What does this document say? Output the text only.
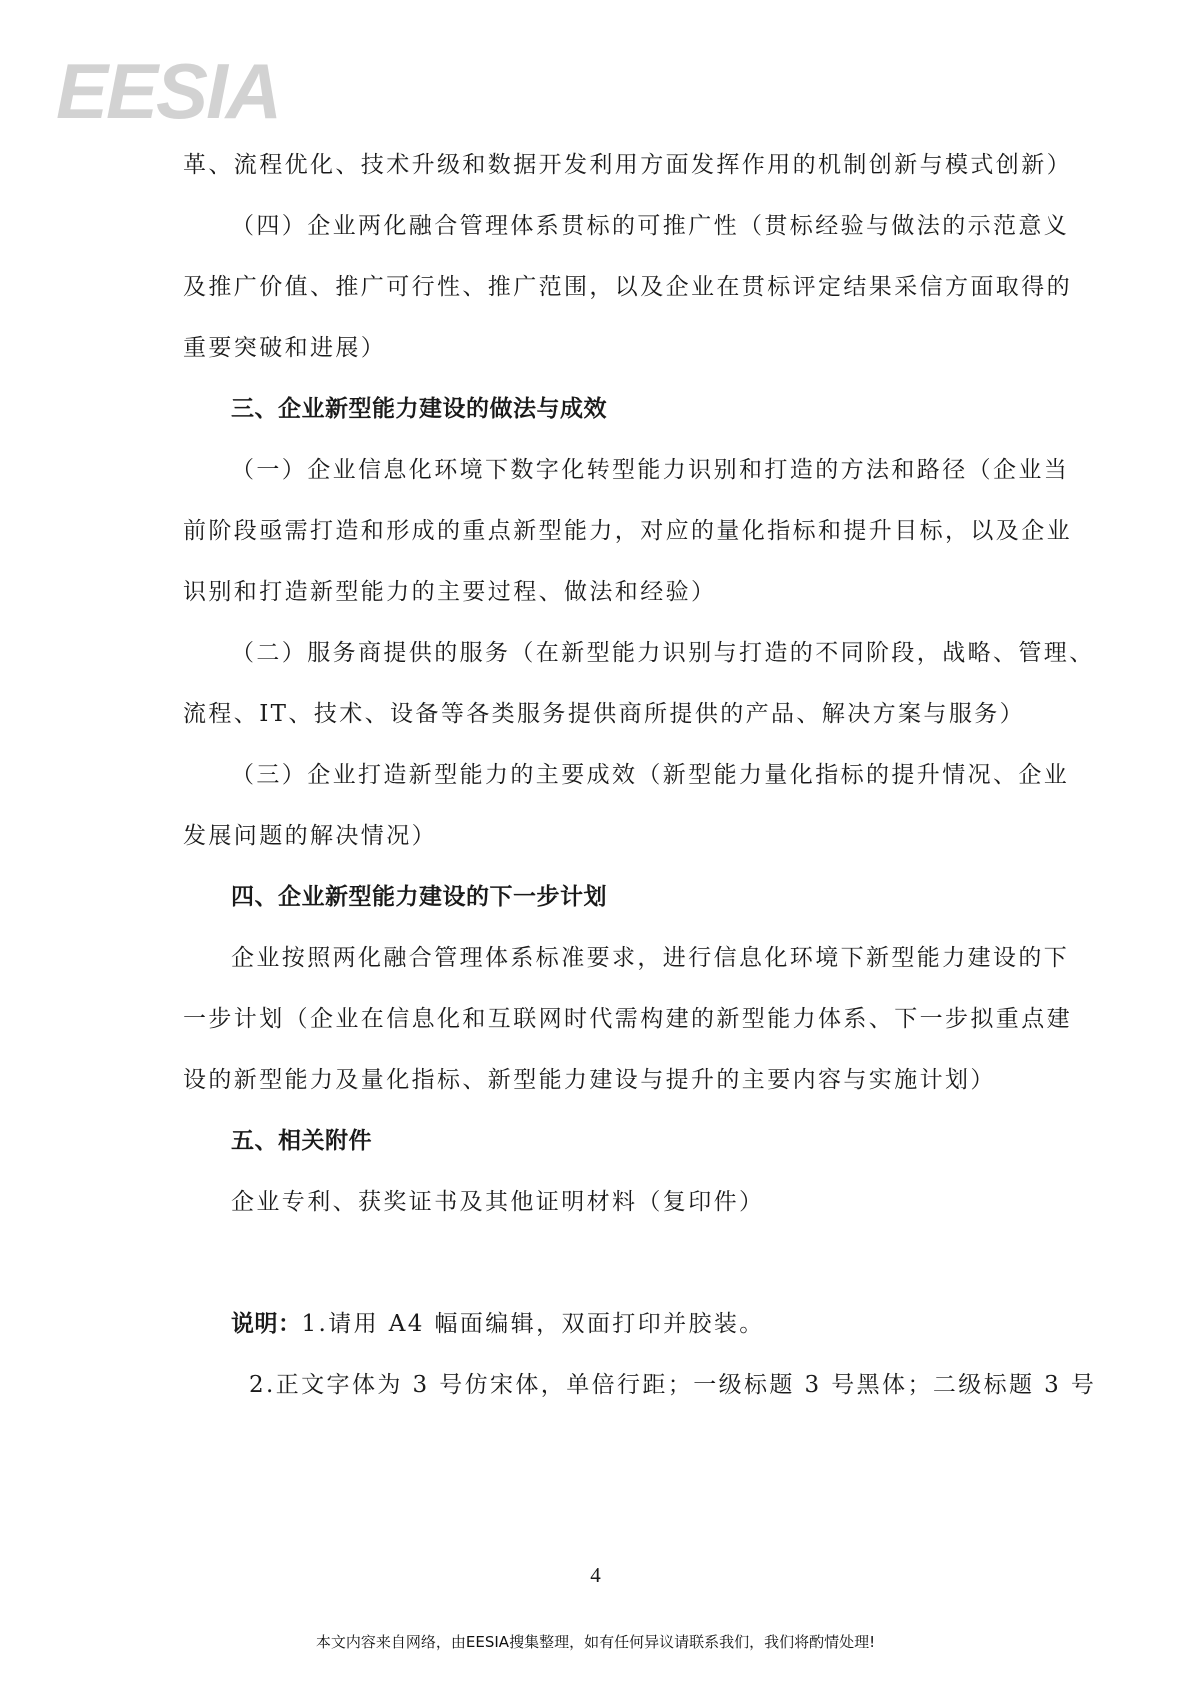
EESIA
革、流程优化、技术升级和数据开发利用方面发挥作用的机制创新与模式创新）
（四）企业两化融合管理体系贯标的可推广性（贯标经验与做法的示范意义
及推广价值、推广可行性、推广范围，以及企业在贯标评定结果采信方面取得的
重要突破和进展）
三、企业新型能力建设的做法与成效
（一）企业信息化环境下数字化转型能力识别和打造的方法和路径（企业当
前阶段亟需打造和形成的重点新型能力，对应的量化指标和提升目标，以及企业
识别和打造新型能力的主要过程、做法和经验）
（二）服务商提供的服务（在新型能力识别与打造的不同阶段，战略、管理、
流程、IT、技术、设备等各类服务提供商所提供的产品、解决方案与服务）
（三）企业打造新型能力的主要成效（新型能力量化指标的提升情况、企业
发展问题的解决情况）
四、企业新型能力建设的下一步计划
企业按照两化融合管理体系标准要求，进行信息化环境下新型能力建设的下
一步计划（企业在信息化和互联网时代需构建的新型能力体系、下一步拟重点建
设的新型能力及量化指标、新型能力建设与提升的主要内容与实施计划）
五、相关附件
企业专利、获奖证书及其他证明材料（复印件）
说明：1.请用 A4 幅面编辑，双面打印并胶装。
2.正文字体为 3 号仿宋体，单倍行距；一级标题 3 号黑体；二级标题 3 号
4
本文内容来自网络，由EESIA搜集整理，如有任何异议请联系我们，我们将酌情处理!
